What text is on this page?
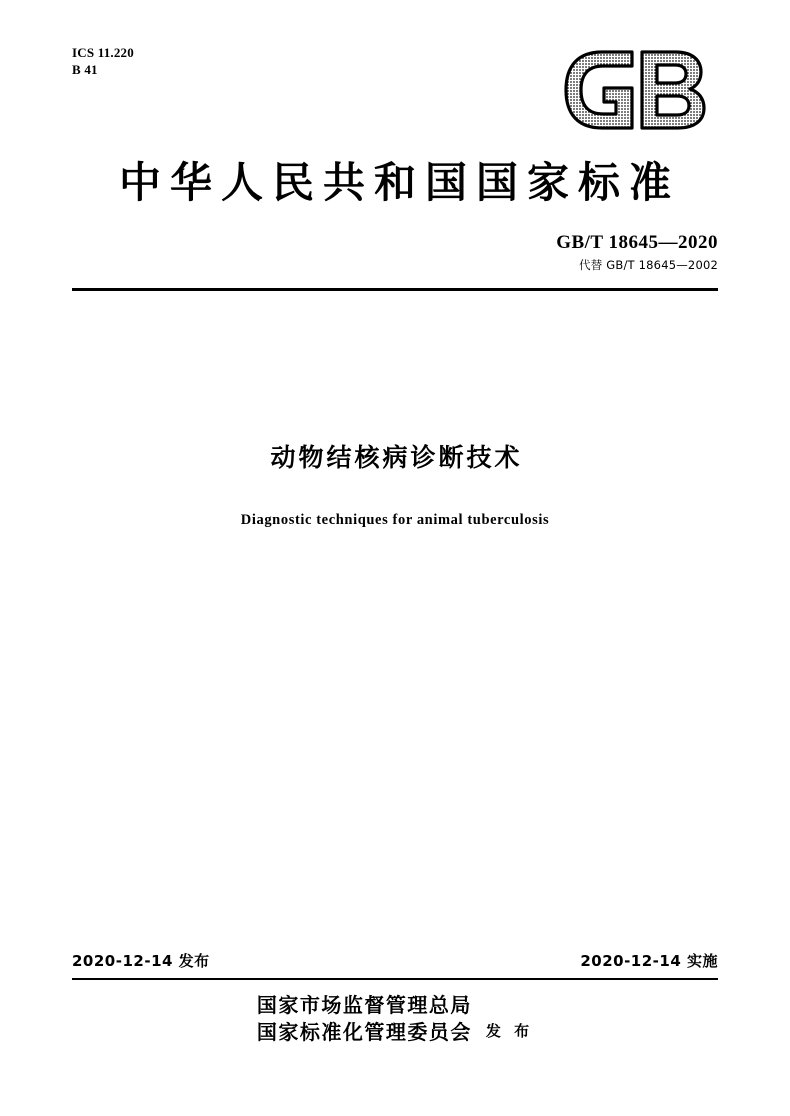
ICS 11.220
B 41
中华人民共和国国家标准
GB/T 18645—2020
代替 GB/T 18645—2002
动物结核病诊断技术
Diagnostic techniques for animal tuberculosis
2020-12-14 发布	2020-12-14 实施
国家市场监督管理总局
国家标准化管理委员会 发 布
